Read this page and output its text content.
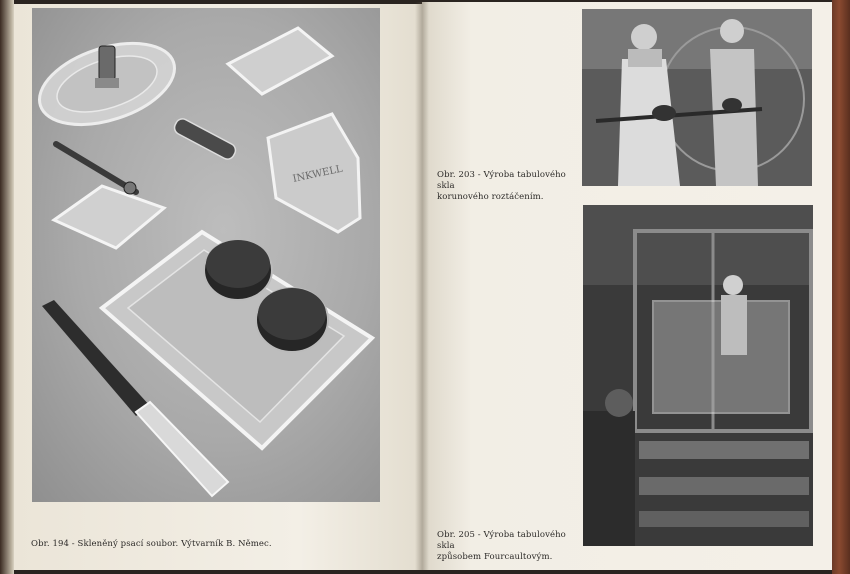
INKWELL
Obr. 194 - Skleněný psací soubor. Výtvarník B. Němec.
Obr. 203 - Výroba tabulového skla
korunového roztáčením.
Obr. 205 - Výroba tabulového skla
způsobem Fourcaultovým.
